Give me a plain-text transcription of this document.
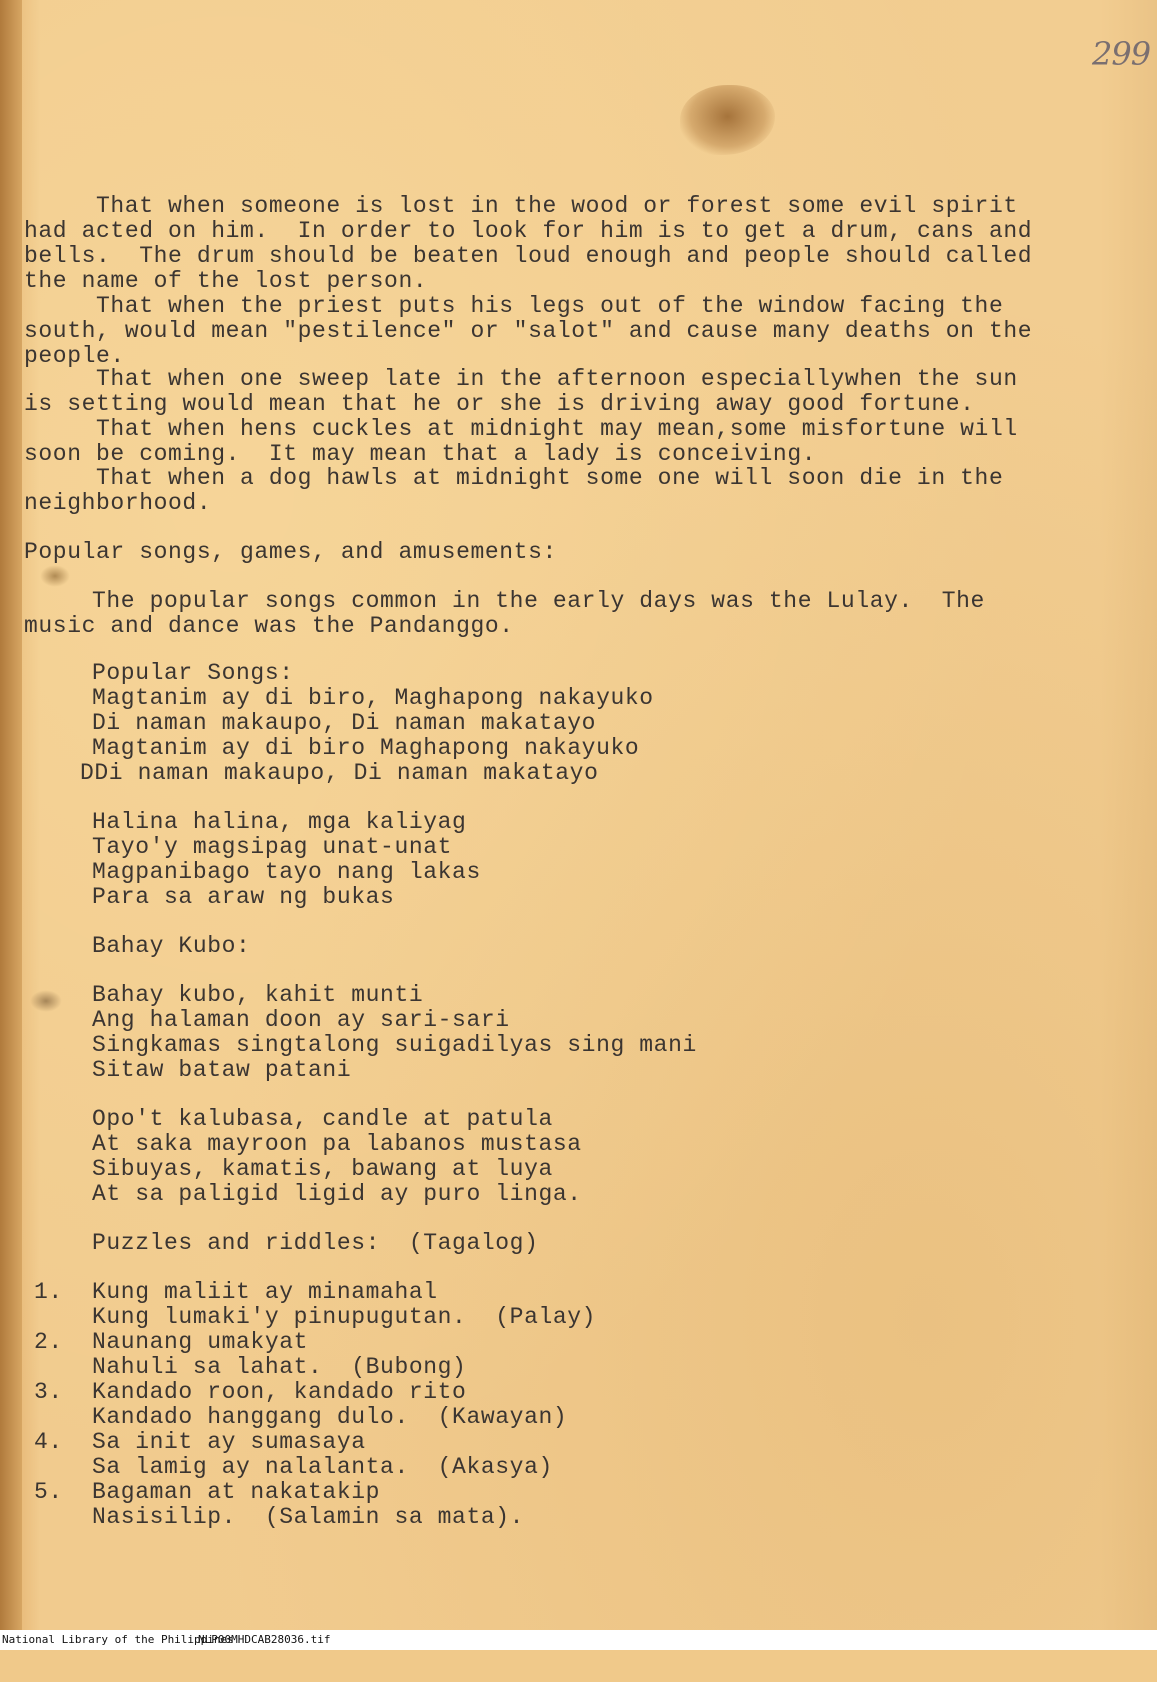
299
That when someone is lost in the wood or forest some evil spirit
had acted on him.  In order to look for him is to get a drum, cans and
bells.  The drum should be beaten loud enough and people should called
the name of the lost person.
That when the priest puts his legs out of the window facing the
south, would mean "pestilence" or "salot" and cause many deaths on the
people.
That when one sweep late in the afternoon especiallywhen the sun
is setting would mean that he or she is driving away good fortune.
That when hens cuckles at midnight may mean,some misfortune will
soon be coming.  It may mean that a lady is conceiving.
That when a dog hawls at midnight some one will soon die in the
neighborhood.
Popular songs, games, and amusements:
The popular songs common in the early days was the Lulay.  The
music and dance was the Pandanggo.
Popular Songs:
Magtanim ay di biro, Maghapong nakayuko
Di naman makaupo, Di naman makatayo
Magtanim ay di biro Maghapong nakayuko
DDi naman makaupo, Di naman makatayo
Halina halina, mga kaliyag
Tayo'y magsipag unat-unat
Magpanibago tayo nang lakas
Para sa araw ng bukas
Bahay Kubo:
Bahay kubo, kahit munti
Ang halaman doon ay sari-sari
Singkamas singtalong suigadilyas sing mani
Sitaw bataw patani
Opo't kalubasa, candle at patula
At saka mayroon pa labanos mustasa
Sibuyas, kamatis, bawang at luya
At sa paligid ligid ay puro linga.
Puzzles and riddles:  (Tagalog)
1. Kung maliit ay minamahal
Kung lumaki'y pinupugutan.  (Palay)
2. Naunang umakyat
Nahuli sa lahat.  (Bubong)
3. Kandado roon, kandado rito
Kandado hanggang dulo.  (Kawayan)
4. Sa init ay sumasaya
Sa lamig ay nalalanta.  (Akasya)
5. Bagaman at nakatakip
Nasisilip.  (Salamin sa mata).

National Library of the Philippines

NLP00MHDCAB28036.tif
